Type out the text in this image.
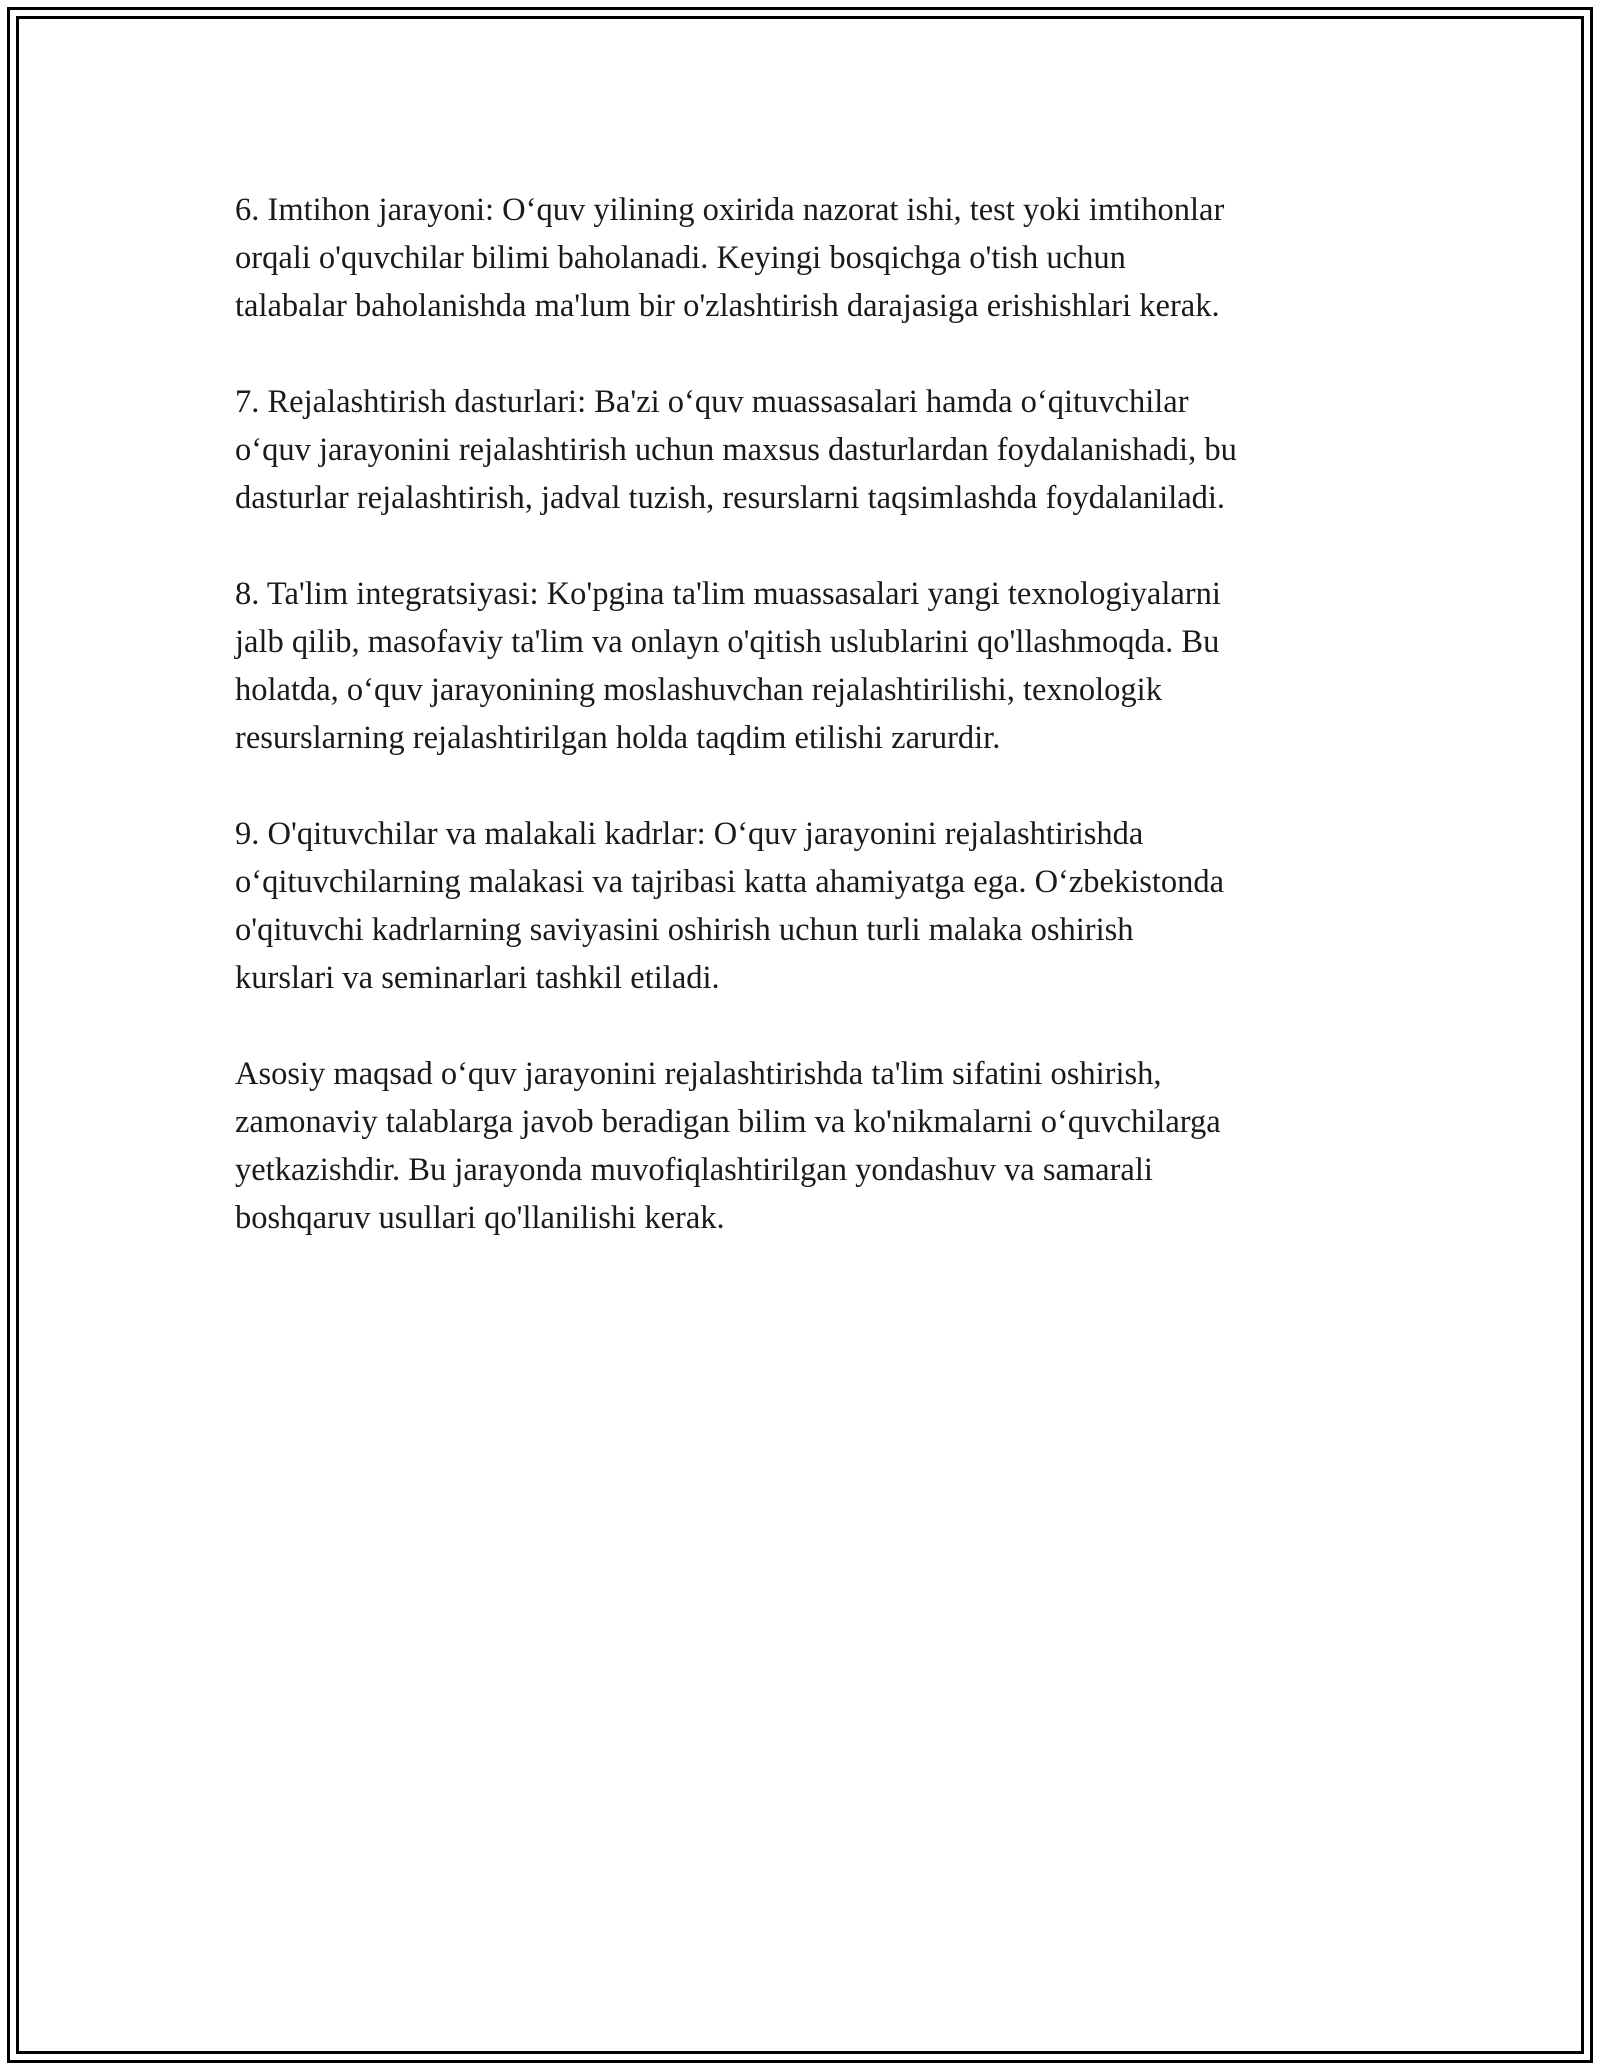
6. Imtihon jarayoni: O‘quv yilining oxirida nazorat ishi, test yoki imtihonlar
orqali o'quvchilar bilimi baholanadi. Keyingi bosqichga o'tish uchun
talabalar baholanishda ma'lum bir o'zlashtirish darajasiga erishishlari kerak.

7. Rejalashtirish dasturlari: Ba'zi o‘quv muassasalari hamda o‘qituvchilar
o‘quv jarayonini rejalashtirish uchun maxsus dasturlardan foydalanishadi, bu
dasturlar rejalashtirish, jadval tuzish, resurslarni taqsimlashda foydalaniladi.

8. Ta'lim integratsiyasi: Ko'pgina ta'lim muassasalari yangi texnologiyalarni
jalb qilib, masofaviy ta'lim va onlayn o'qitish uslublarini qo'llashmoqda. Bu
holatda, o‘quv jarayonining moslashuvchan rejalashtirilishi, texnologik
resurslarning rejalashtirilgan holda taqdim etilishi zarurdir.

9. O'qituvchilar va malakali kadrlar: O‘quv jarayonini rejalashtirishda
o‘qituvchilarning malakasi va tajribasi katta ahamiyatga ega. O‘zbekistonda
o'qituvchi kadrlarning saviyasini oshirish uchun turli malaka oshirish
kurslari va seminarlari tashkil etiladi.

Asosiy maqsad o‘quv jarayonini rejalashtirishda ta'lim sifatini oshirish,
zamonaviy talablarga javob beradigan bilim va ko'nikmalarni o‘quvchilarga
yetkazishdir. Bu jarayonda muvofiqlashtirilgan yondashuv va samarali
boshqaruv usullari qo'llanilishi kerak.
